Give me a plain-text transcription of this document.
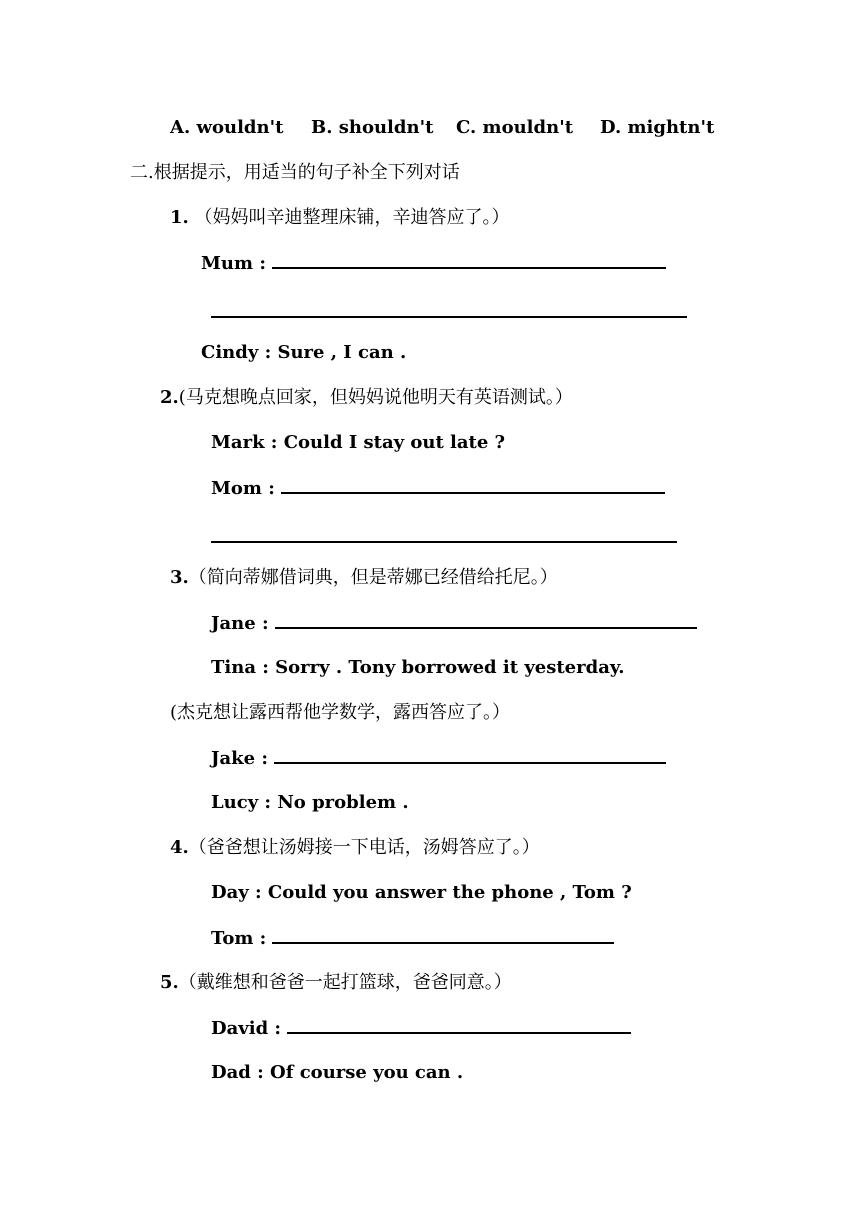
A. wouldn't B. shouldn't C. mouldn't D. mightn't
二.根据提示，用适当的句子补全下列对话
1. （妈妈叫辛迪整理床铺，辛迪答应了。）
Mum :
Cindy : Sure , I can .
2.(马克想晚点回家，但妈妈说他明天有英语测试。）
Mark : Could I stay out late ?
Mom :
3.（简向蒂娜借词典，但是蒂娜已经借给托尼。）
Jane :
Tina : Sorry . Tony borrowed it yesterday.
(杰克想让露西帮他学数学，露西答应了。）
Jake :
Lucy : No problem .
4.（爸爸想让汤姆接一下电话，汤姆答应了。）
Day : Could you answer the phone , Tom ?
Tom :
5.（戴维想和爸爸一起打篮球，爸爸同意。）
David :
Dad : Of course you can .
